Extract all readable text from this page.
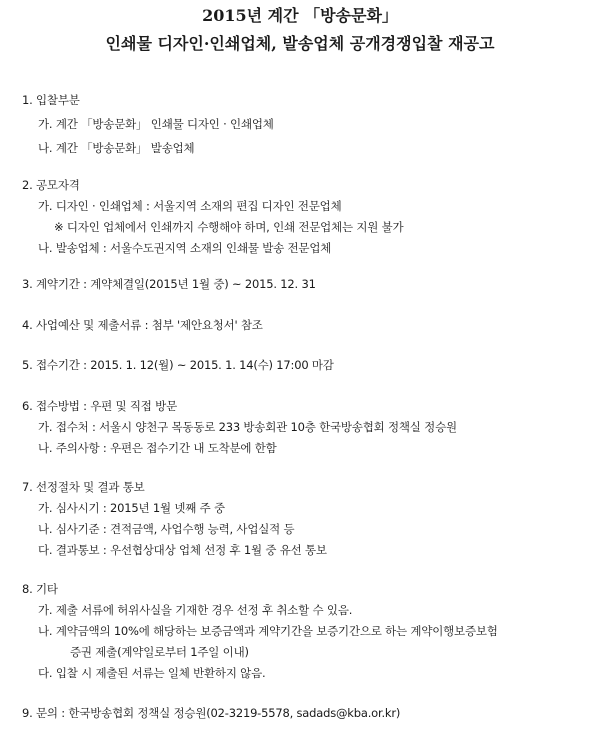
2015년 계간 「방송문화」
인쇄물 디자인·인쇄업체, 발송업체 공개경쟁입찰 재공고
1. 입찰부분
가. 계간 「방송문화」 인쇄물 디자인 · 인쇄업체
나. 계간 「방송문화」 발송업체
2. 공모자격
가. 디자인 · 인쇄업체 : 서울지역 소재의 편집 디자인 전문업체
※ 디자인 업체에서 인쇄까지 수행해야 하며, 인쇄 전문업체는 지원 불가
나. 발송업체 : 서울수도권지역 소재의 인쇄물 발송 전문업체
3. 계약기간 : 계약체결일(2015년 1월 중) ~ 2015. 12. 31
4. 사업예산 및 제출서류 : 첨부 '제안요청서' 참조
5. 접수기간 : 2015. 1. 12(월) ~ 2015. 1. 14(수) 17:00 마감
6. 접수방법 : 우편 및 직접 방문
가. 접수처 : 서울시 양천구 목동동로 233 방송회관 10층 한국방송협회 정책실 정승원
나. 주의사항 : 우편은 접수기간 내 도착분에 한함
7. 선정절차 및 결과 통보
가. 심사시기 : 2015년 1월 넷째 주 중
나. 심사기준 : 견적금액, 사업수행 능력, 사업실적 등
다. 결과통보 : 우선협상대상 업체 선정 후 1월 중 유선 통보
8. 기타
가. 제출 서류에 허위사실을 기재한 경우 선정 후 취소할 수 있음.
나. 계약금액의 10%에 해당하는 보증금액과 계약기간을 보증기간으로 하는 계약이행보증보험
증권 제출(계약일로부터 1주일 이내)
다. 입찰 시 제출된 서류는 일체 반환하지 않음.
9. 문의 : 한국방송협회 정책실 정승원(02-3219-5578, sadads@kba.or.kr)
